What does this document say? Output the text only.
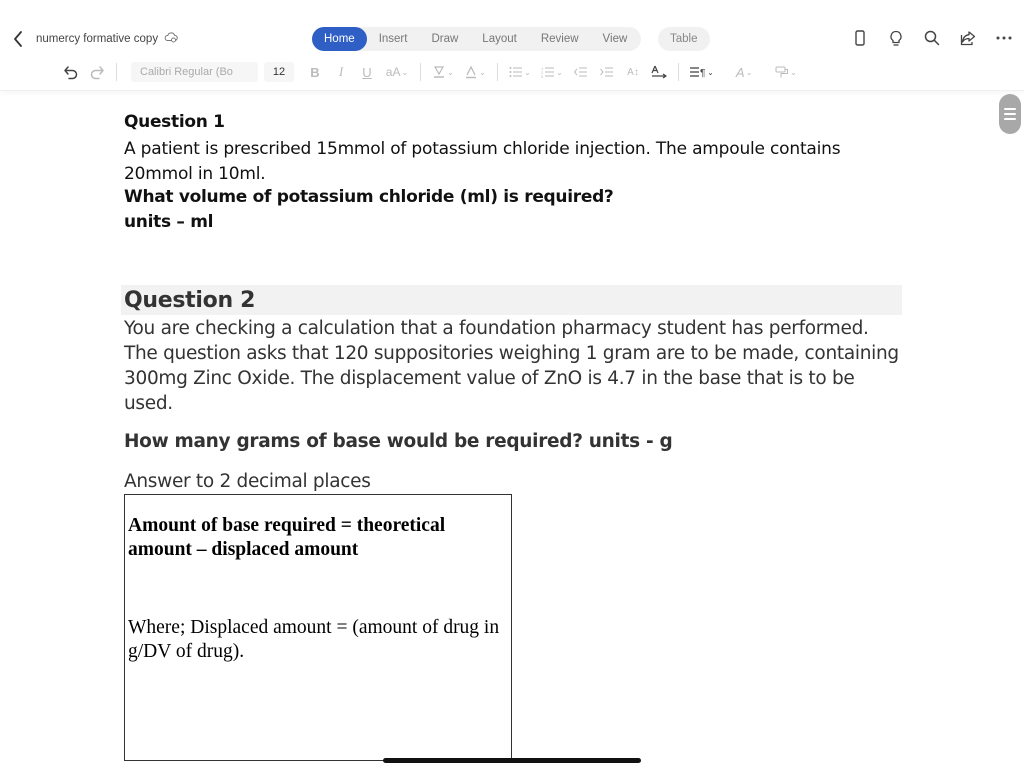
numercy formative copy	Home	Insert	Draw	Layout	Review	View	Table
Calibri Regular (Bo	12	B	I	U	aA ⌄	⌄	⌄	⌄	1
2
3 ⌄	A↕	¶ ⌄	A ⌄	⌄
Question 1
A patient is prescribed 15mmol of potassium chloride injection. The ampoule contains 20mmol in 10ml.
What volume of potassium chloride (ml) is required?
units – ml
Question 2
You are checking a calculation that a foundation pharmacy student has performed. The question asks that 120 suppositories weighing 1 gram are to be made, containing 300mg Zinc Oxide. The displacement value of ZnO is 4.7 in the base that is to be used.
How many grams of base would be required? units - g
Answer to 2 decimal places
Amount of base required = theoretical amount – displaced amount
Where; Displaced amount = (amount of drug in g/DV of drug).
